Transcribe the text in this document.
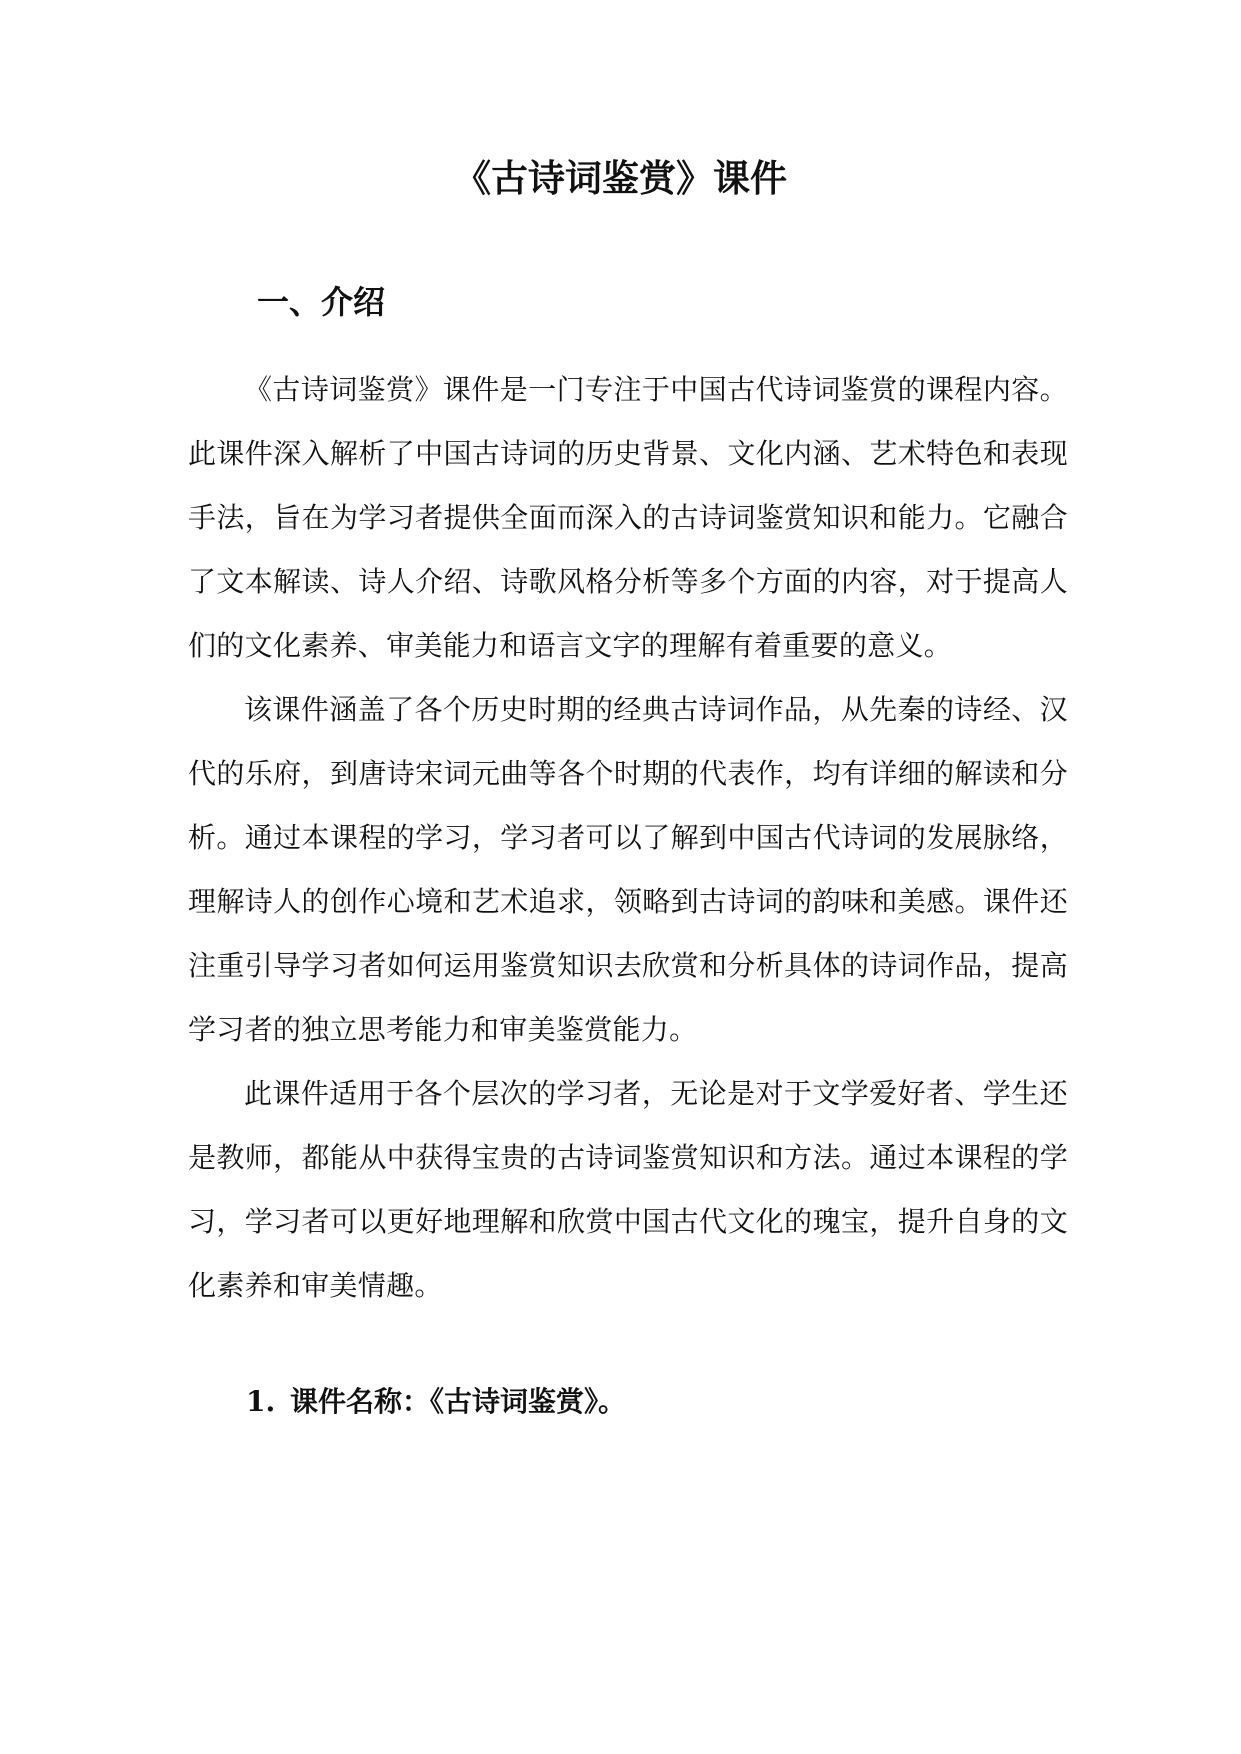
《古诗词鉴赏》课件
一、介绍

《古诗词鉴赏》课件是一门专注于中国古代诗词鉴赏的课程内容。此课件深入解析了中国古诗词的历史背景、文化内涵、艺术特色和表现手法，旨在为学习者提供全面而深入的古诗词鉴赏知识和能力。它融合了文本解读、诗人介绍、诗歌风格分析等多个方面的内容，对于提高人们的文化素养、审美能力和语言文字的理解有着重要的意义。

该课件涵盖了各个历史时期的经典古诗词作品，从先秦的诗经、汉代的乐府，到唐诗宋词元曲等各个时期的代表作，均有详细的解读和分析。通过本课程的学习，学习者可以了解到中国古代诗词的发展脉络，理解诗人的创作心境和艺术追求，领略到古诗词的韵味和美感。课件还注重引导学习者如何运用鉴赏知识去欣赏和分析具体的诗词作品，提高学习者的独立思考能力和审美鉴赏能力。

此课件适用于各个层次的学习者，无论是对于文学爱好者、学生还是教师，都能从中获得宝贵的古诗词鉴赏知识和方法。通过本课程的学习，学习者可以更好地理解和欣赏中国古代文化的瑰宝，提升自身的文化素养和审美情趣。

1. 课件名称：《古诗词鉴赏》。
